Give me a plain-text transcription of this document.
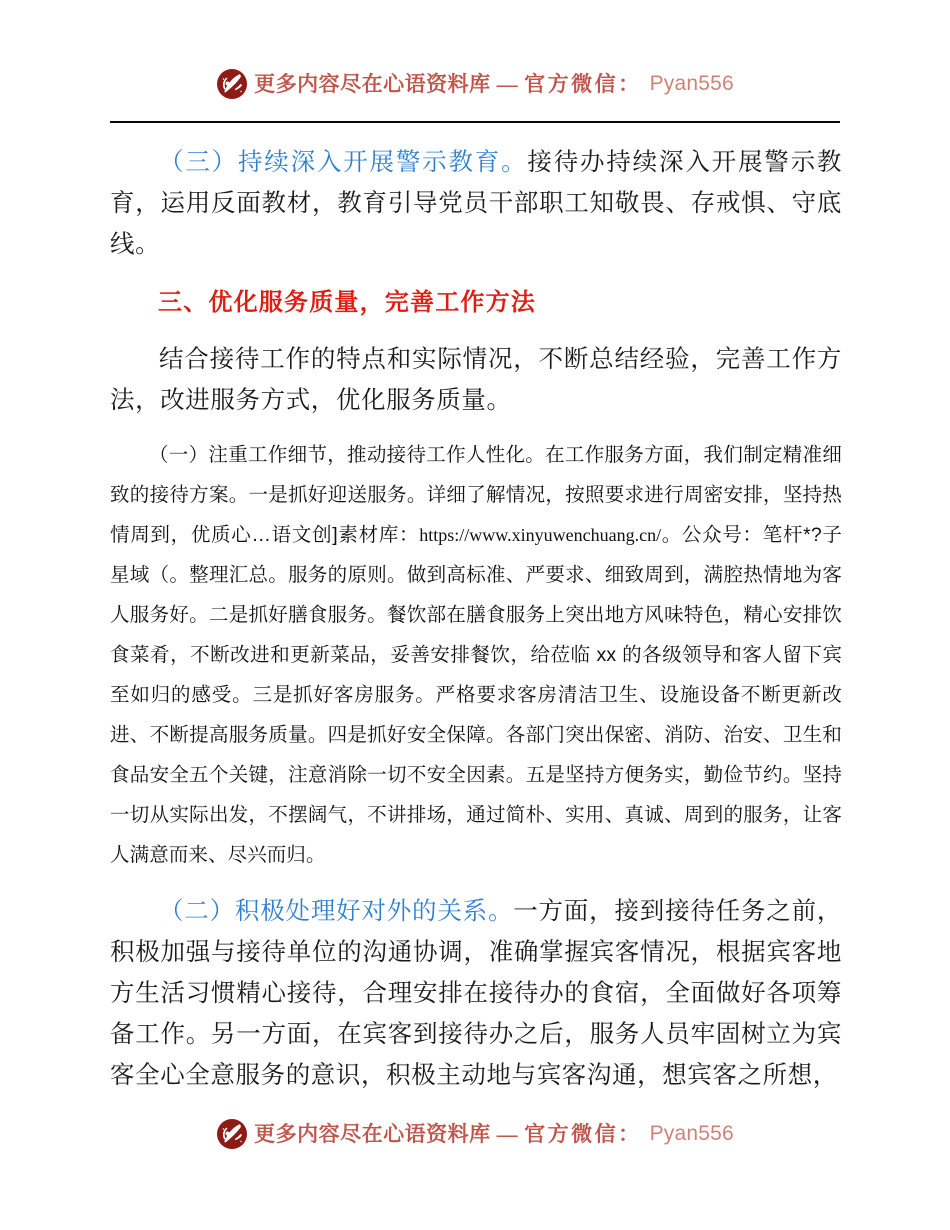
更多内容尽在心语资料库 — 官方微信： Pyan556

（三）持续深入开展警示教育。接待办持续深入开展警示教育，运用反面教材，教育引导党员干部职工知敬畏、存戒惧、守底线。

三、优化服务质量，完善工作方法

结合接待工作的特点和实际情况，不断总结经验，完善工作方法，改进服务方式，优化服务质量。

（一）注重工作细节，推动接待工作人性化。在工作服务方面，我们制定精准细致的接待方案。一是抓好迎送服务。详细了解情况，按照要求进行周密安排，坚持热情周到，优质心…语文创]素材库：https://www.xinyuwenchuang.cn/。公众号：笔杆*?子星域（。整理汇总。服务的原则。做到高标准、严要求、细致周到，满腔热情地为客人服务好。二是抓好膳食服务。餐饮部在膳食服务上突出地方风味特色，精心安排饮食菜肴，不断改进和更新菜品，妥善安排餐饮，给莅临 xx 的各级领导和客人留下宾至如归的感受。三是抓好客房服务。严格要求客房清洁卫生、设施设备不断更新改进、不断提高服务质量。四是抓好安全保障。各部门突出保密、消防、治安、卫生和食品安全五个关键，注意消除一切不安全因素。五是坚持方便务实，勤俭节约。坚持一切从实际出发，不摆阔气，不讲排场，通过简朴、实用、真诚、周到的服务，让客人满意而来、尽兴而归。

（二）积极处理好对外的关系。一方面，接到接待任务之前，积极加强与接待单位的沟通协调，准确掌握宾客情况，根据宾客地方生活习惯精心接待，合理安排在接待办的食宿，全面做好各项筹备工作。另一方面，在宾客到接待办之后，服务人员牢固树立为宾客全心全意服务的意识，积极主动地与宾客沟通，想宾客之所想，

更多内容尽在心语资料库 — 官方微信： Pyan556
